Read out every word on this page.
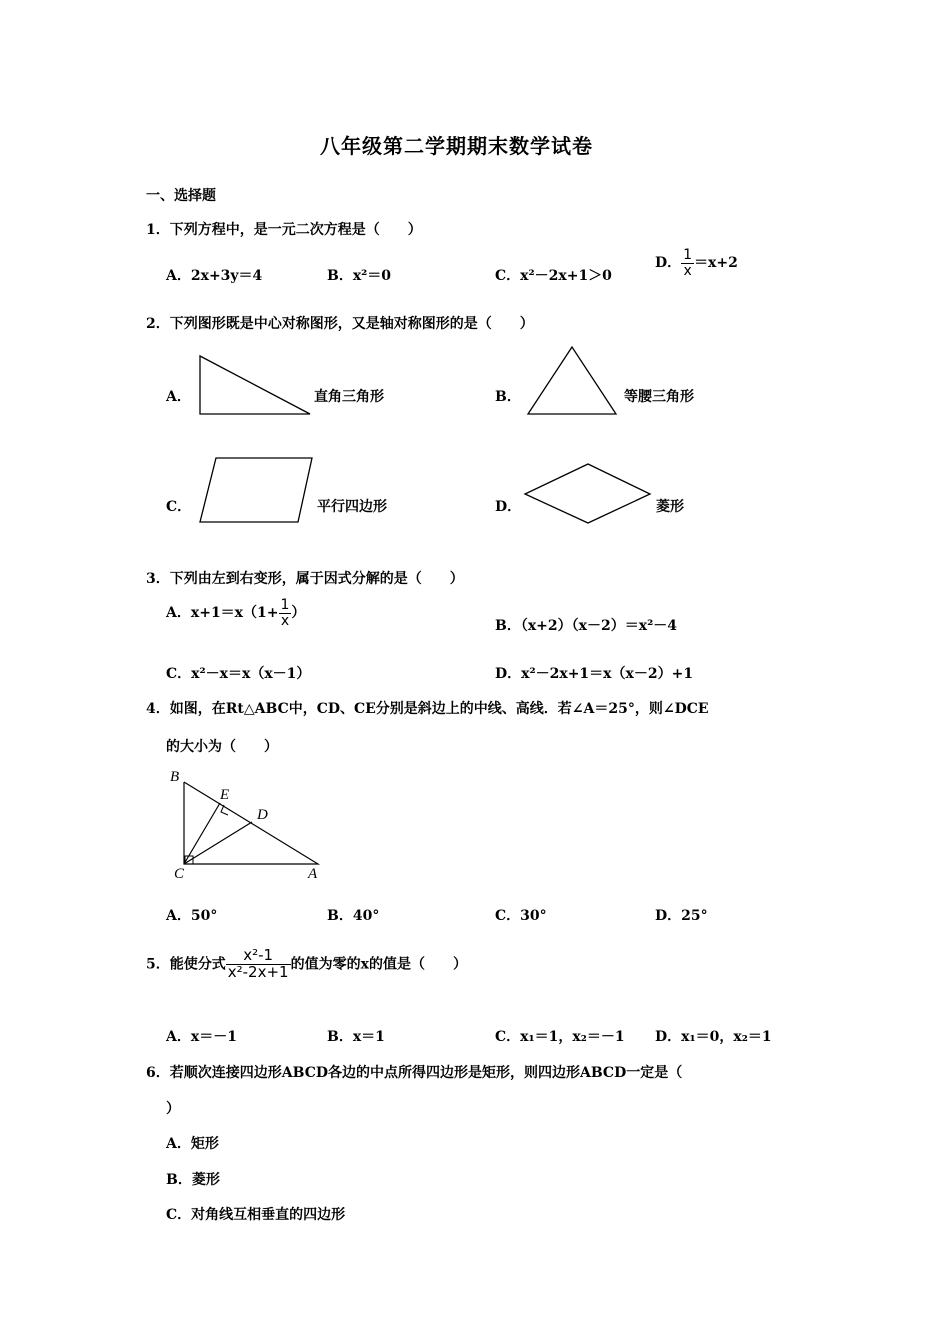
八年级第二学期期末数学试卷
一、选择题
1．下列方程中，是一元二次方程是（　　）
A．2x+3y＝4	B．x²＝0	C．x²－2x+1＞0
D． $\frac{1}{x} =x+2$
2．下列图形既是中心对称图形，又是轴对称图形的是（　　）
A．	直角三角形	B．	等腰三角形
C．	平行四边形	D．	菱形
3．下列由左到右变形，属于因式分解的是（　　）
A．$x+1=x(1+ \frac{1}{x}$ ）
B．（x+2）（x－2）＝x²－4
C．x²－x＝x（x－1）	D．x²－2x+1＝x（x－2）+1
4．如图，在Rt△ABC中，CD、CE分别是斜边上的中线、高线．若∠A＝25°，则∠DCE
的大小为（　　）
B
E
D
C	A
A．50°	B．40°	C．30°	D．25°
5．能使分式 $\frac{\text{x²-1}}{\text{x²-2x+1}}$ 的值为零的x的值是（　　）
A．x＝－1	B．x＝1	C．x₁＝1，x₂＝－1 D．x₁＝0，x₂＝1
6．若顺次连接四边形ABCD各边的中点所得四边形是矩形，则四边形ABCD一定是（
）
A．矩形
B．菱形
C．对角线互相垂直的四边形
